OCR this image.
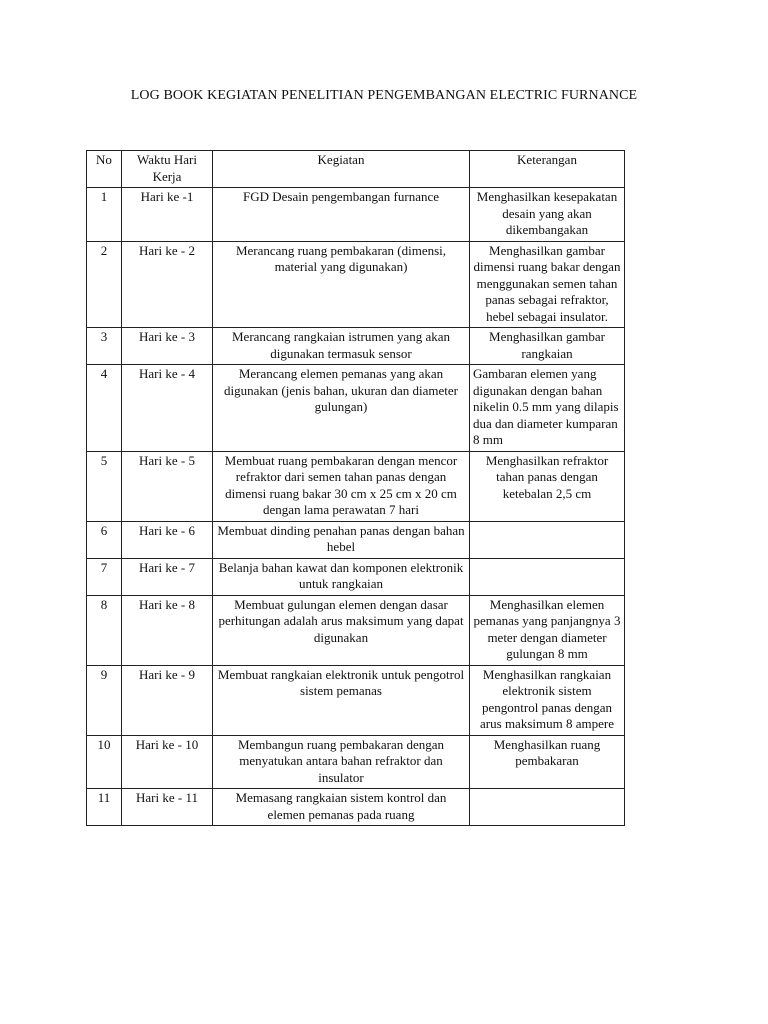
LOG BOOK KEGIATAN PENELITIAN PENGEMBANGAN ELECTRIC FURNANCE
No	Waktu Hari Kerja	Kegiatan	Keterangan
1	Hari ke -1	FGD Desain pengembangan furnance	Menghasilkan kesepakatan desain yang akan dikembangakan
2	Hari ke - 2	Merancang ruang pembakaran (dimensi, material yang digunakan)	Menghasilkan gambar dimensi ruang bakar dengan menggunakan semen tahan panas sebagai refraktor, hebel sebagai insulator.
3	Hari ke - 3	Merancang rangkaian istrumen yang akan digunakan termasuk sensor	Menghasilkan gambar rangkaian
4	Hari ke - 4	Merancang elemen pemanas yang akan digunakan (jenis bahan, ukuran dan diameter gulungan)	Gambaran elemen yang digunakan dengan bahan nikelin 0.5 mm yang dilapis dua dan diameter kumparan 8 mm
5	Hari ke - 5	Membuat ruang pembakaran dengan mencor refraktor dari semen tahan panas dengan dimensi ruang bakar 30 cm x 25 cm x 20 cm dengan lama perawatan 7 hari	Menghasilkan refraktor tahan panas dengan ketebalan 2,5 cm
6	Hari ke - 6	Membuat dinding penahan panas dengan bahan hebel	
7	Hari ke - 7	Belanja bahan kawat dan komponen elektronik untuk rangkaian	
8	Hari ke - 8	Membuat gulungan elemen dengan dasar perhitungan adalah arus maksimum yang dapat digunakan	Menghasilkan elemen pemanas yang panjangnya 3 meter dengan diameter gulungan 8 mm
9	Hari ke - 9	Membuat rangkaian elektronik untuk pengotrol sistem pemanas	Menghasilkan rangkaian elektronik sistem pengontrol panas dengan arus maksimum 8 ampere
10	Hari ke - 10	Membangun ruang pembakaran dengan menyatukan antara bahan refraktor dan insulator	Menghasilkan ruang pembakaran
11	Hari ke - 11	Memasang rangkaian sistem kontrol dan elemen pemanas pada ruang	
